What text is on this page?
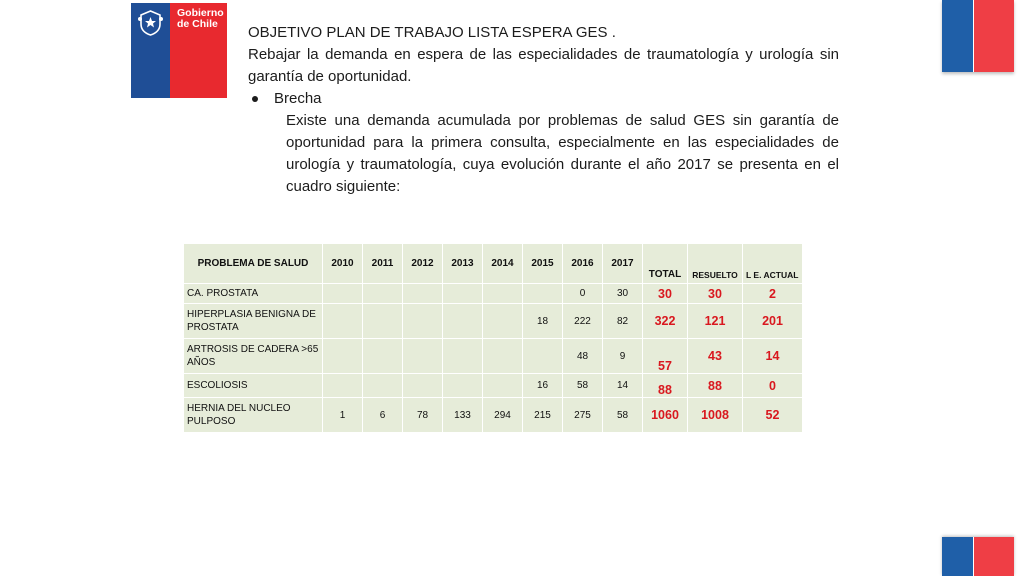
Gobierno
de Chile	OBJETIVO PLAN DE TRABAJO LISTA ESPERA GES .
Rebajar la demanda en espera de las especialidades de traumatología y urología sin garantía de oportunidad.
Brecha
Existe una demanda acumulada por problemas de salud GES sin garantía de oportunidad para la primera consulta, especialmente en las especialidades de urología y traumatología, cuya evolución durante el año 2017 se presenta en el cuadro siguiente:
PROBLEMA DE SALUD	2010	2011	2012	2013	2014	2015	2016	2017	TOTAL	RESUELTO	L E. ACTUAL
CA. PROSTATA							0	30	30	30	2
HIPERPLASIA BENIGNA DE PROSTATA						18	222	82	322	121	201
ARTROSIS DE CADERA >65 AÑOS							48	9	57	43	14
ESCOLIOSIS						16	58	14	88	88	0
HERNIA DEL NUCLEO PULPOSO	1	6	78	133	294	215	275	58	1060	1008	52
